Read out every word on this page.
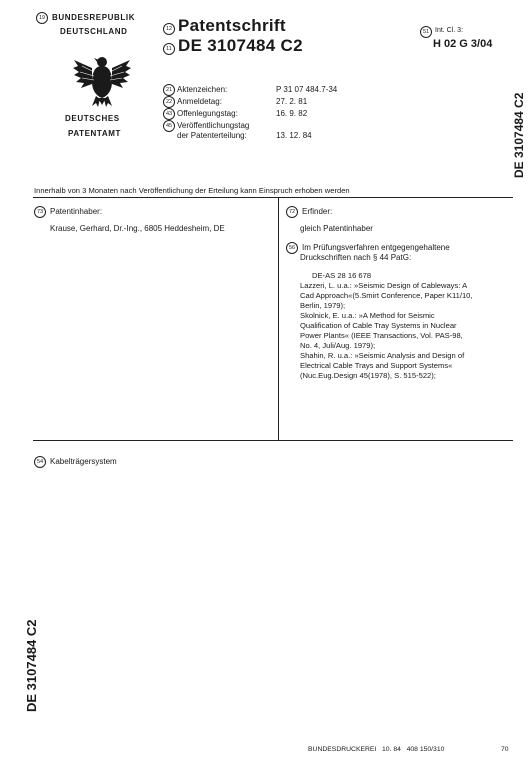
19 BUNDESREPUBLIK
DEUTSCHLAND
DEUTSCHES
PATENTAMT
12 Patentschrift
11 DE 3107484 C2
51 Int. Cl. 3:
H 02 G 3/04
DE 3107484 C2
21 Aktenzeichen:	P 31 07 484.7-34
22 Anmeldetag:	27. 2. 81
43 Offenlegungstag:	16. 9. 82
45 Veröffentlichungstag
der Patenterteilung:	13. 12. 84
Innerhalb von 3 Monaten nach Veröffentlichung der Erteilung kann Einspruch erhoben werden
73 Patentinhaber:
Krause, Gerhard, Dr.-Ing., 6805 Heddesheim, DE
72 Erfinder:
gleich Patentinhaber
56 Im Prüfungsverfahren entgegengehaltene
Druckschriften nach § 44 PatG:
DE-AS 28 16 678
Lazzeri, L. u.a.: »Seismic Design of Cableways: A
Cad Approach«(5.Smirt Conference, Paper K11/10,
Berlin, 1979);
Skolnick, E. u.a.: »A Method for Seismic
Qualification of Cable Tray Systems in Nuclear
Power Plants« (IEEE Transactions, Vol. PAS-98,
No. 4, Juli/Aug. 1979);
Shahin, R. u.a.: »Seismic Analysis and Design of
Electrical Cable Trays and Support Systems«
(Nuc.Eug.Design 45(1978), S. 515-522);
54 Kabelträgersystem
DE 3107484 C2
BUNDESDRUCKEREI   10. 84   408 150/310	70
